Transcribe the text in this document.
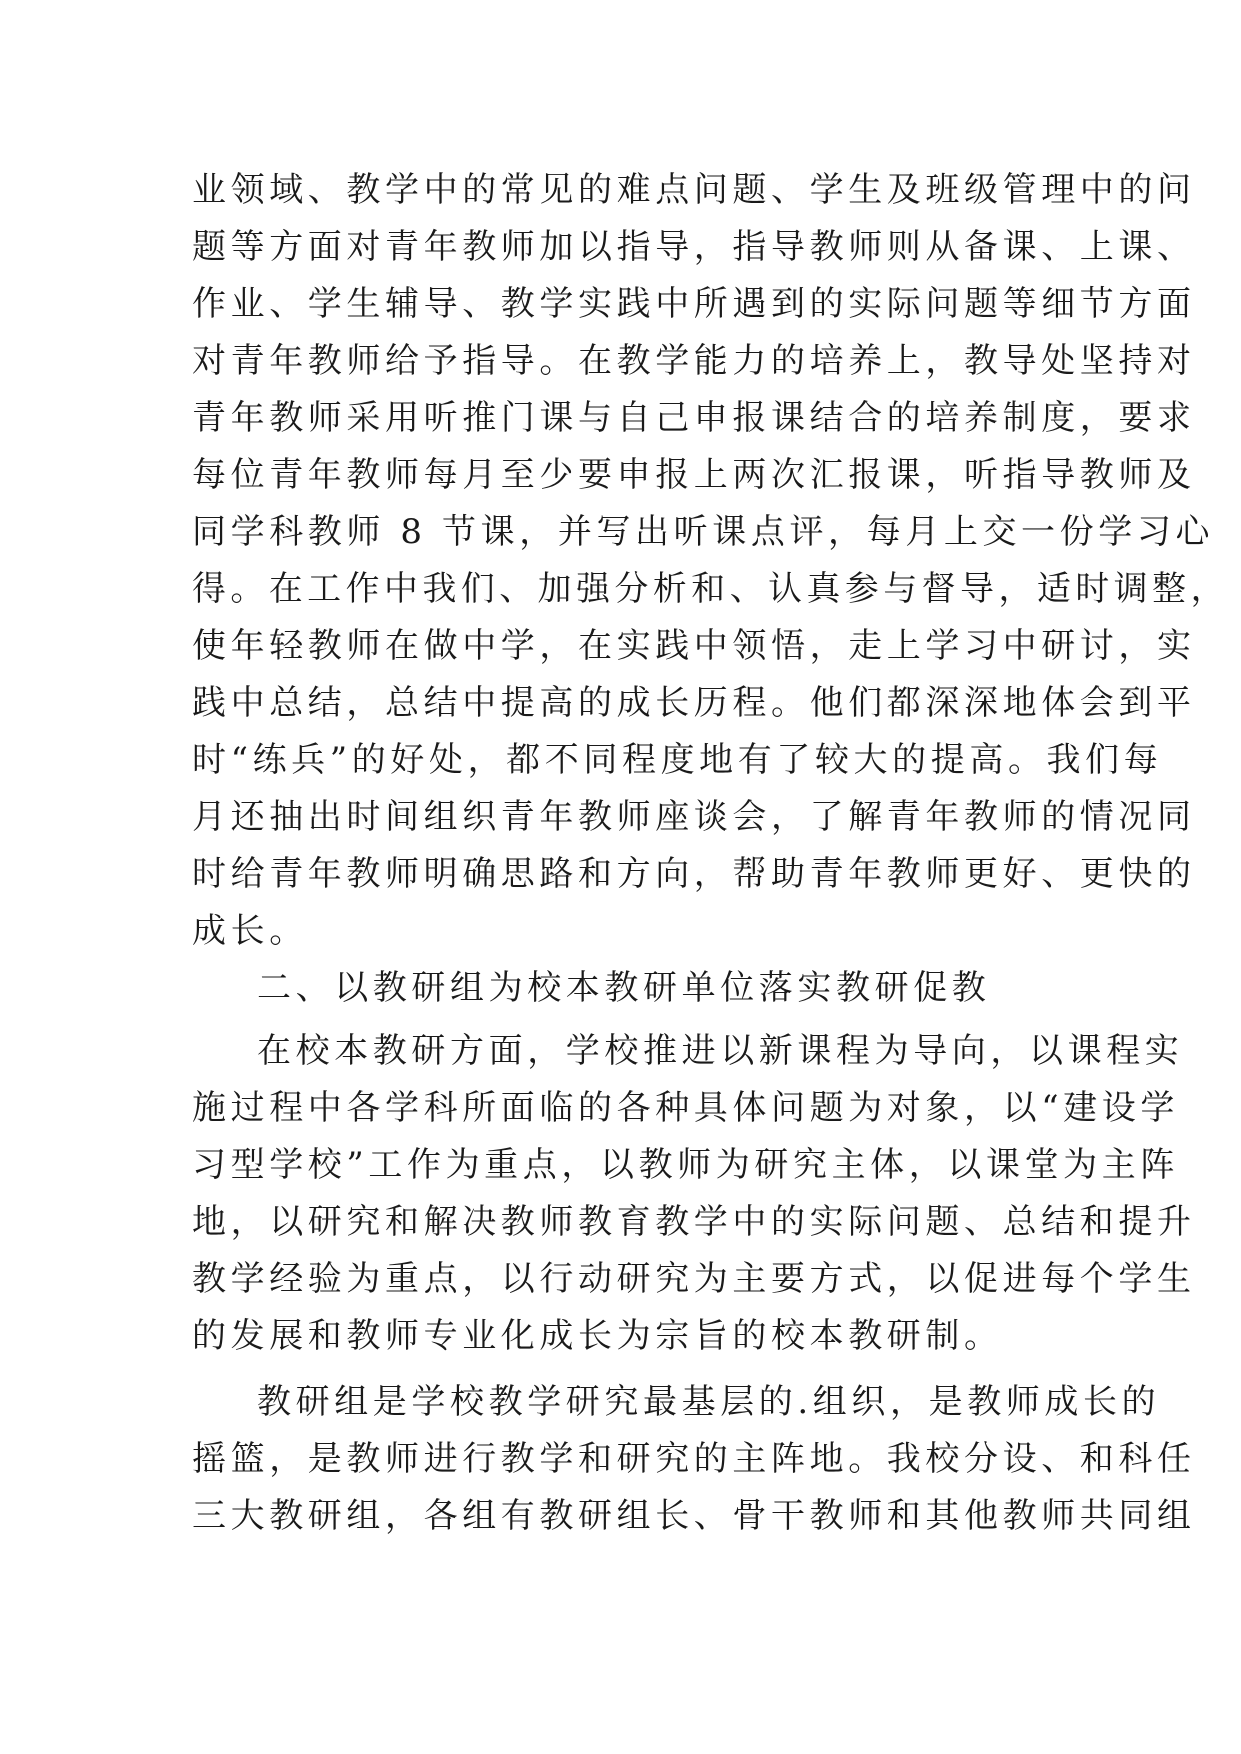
业领域、教学中的常见的难点问题、学生及班级管理中的问
题等方面对青年教师加以指导，指导教师则从备课、上课、
作业、学生辅导、教学实践中所遇到的实际问题等细节方面
对青年教师给予指导。在教学能力的培养上，教导处坚持对
青年教师采用听推门课与自己申报课结合的培养制度，要求
每位青年教师每月至少要申报上两次汇报课，听指导教师及
同学科教师 8 节课，并写出听课点评，每月上交一份学习心
得。在工作中我们、加强分析和、认真参与督导，适时调整，
使年轻教师在做中学，在实践中领悟，走上学习中研讨，实
践中总结，总结中提高的成长历程。他们都深深地体会到平
时“练兵”的好处，都不同程度地有了较大的提高。我们每
月还抽出时间组织青年教师座谈会，了解青年教师的情况同
时给青年教师明确思路和方向，帮助青年教师更好、更快的
成长。
二、以教研组为校本教研单位落实教研促教
在校本教研方面，学校推进以新课程为导向，以课程实
施过程中各学科所面临的各种具体问题为对象，以“建设学
习型学校”工作为重点，以教师为研究主体，以课堂为主阵
地，以研究和解决教师教育教学中的实际问题、总结和提升
教学经验为重点，以行动研究为主要方式，以促进每个学生
的发展和教师专业化成长为宗旨的校本教研制。
教研组是学校教学研究最基层的.组织，是教师成长的
摇篮，是教师进行教学和研究的主阵地。我校分设、和科任
三大教研组，各组有教研组长、骨干教师和其他教师共同组
